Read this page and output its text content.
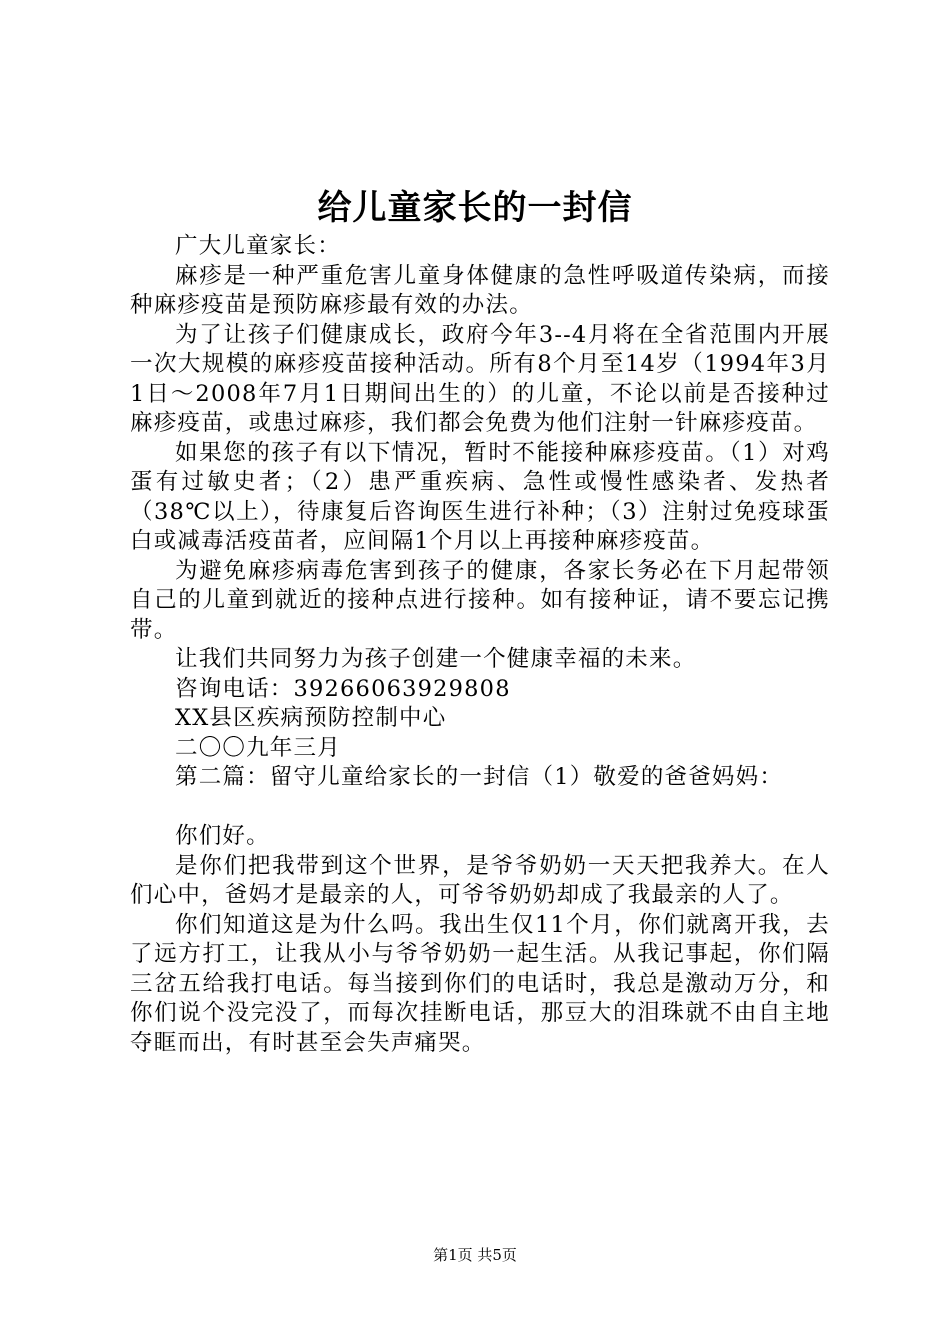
给儿童家长的一封信

广大儿童家长：

麻疹是一种严重危害儿童身体健康的急性呼吸道传染病，而接种麻疹疫苗是预防麻疹最有效的办法。

为了让孩子们健康成长，政府今年3--4月将在全省范围内开展一次大规模的麻疹疫苗接种活动。所有8个月至14岁（1994年3月1日～2008年7月1日期间出生的）的儿童，不论以前是否接种过麻疹疫苗，或患过麻疹，我们都会免费为他们注射一针麻疹疫苗。

如果您的孩子有以下情况，暂时不能接种麻疹疫苗。（1）对鸡蛋有过敏史者；（2）患严重疾病、急性或慢性感染者、发热者（38℃以上），待康复后咨询医生进行补种；（3）注射过免疫球蛋白或减毒活疫苗者，应间隔1个月以上再接种麻疹疫苗。

为避免麻疹病毒危害到孩子的健康，各家长务必在下月起带领自己的儿童到就近的接种点进行接种。如有接种证，请不要忘记携带。

让我们共同努力为孩子创建一个健康幸福的未来。

咨询电话：39266063929808

XX县区疾病预防控制中心

二〇〇九年三月

第二篇：留守儿童给家长的一封信（1）敬爱的爸爸妈妈：

你们好。

是你们把我带到这个世界，是爷爷奶奶一天天把我养大。在人们心中，爸妈才是最亲的人，可爷爷奶奶却成了我最亲的人了。

你们知道这是为什么吗。我出生仅11个月，你们就离开我，去了远方打工，让我从小与爷爷奶奶一起生活。从我记事起，你们隔三岔五给我打电话。每当接到你们的电话时，我总是激动万分，和你们说个没完没了，而每次挂断电话，那豆大的泪珠就不由自主地夺眶而出，有时甚至会失声痛哭。

第1页 共5页
